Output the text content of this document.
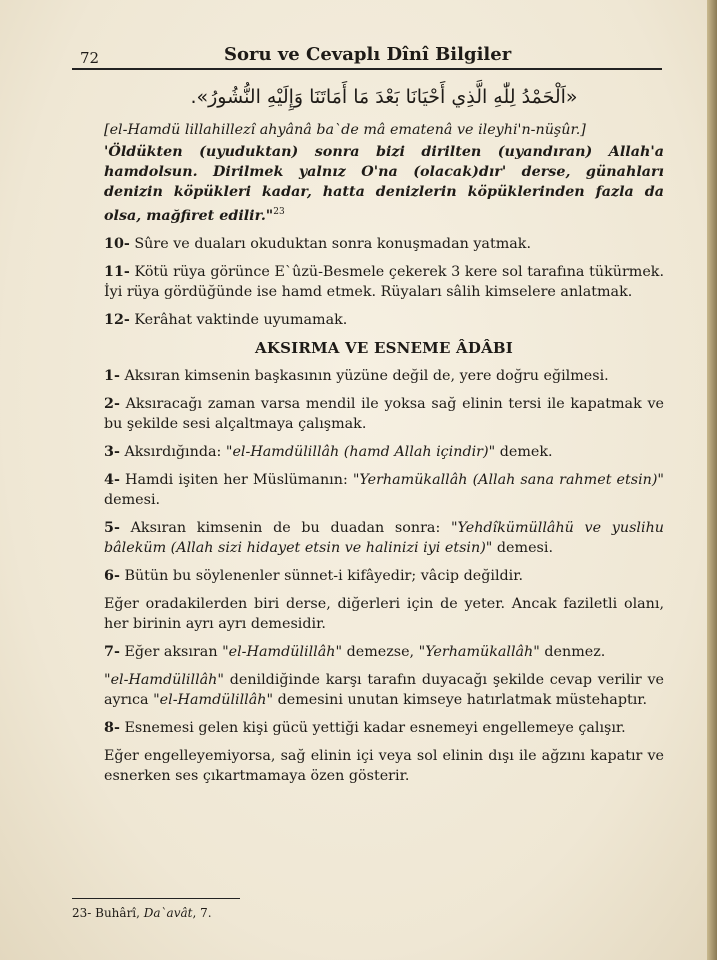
72	Soru ve Cevaplı Dînî Bilgiler
«اَلْحَمْدُ لِلّٰهِ الَّذِي أَحْيَانَا بَعْدَ مَا أَمَاتَنَا وَإِلَيْهِ النُّشُورُ».
[el-Hamdü lillahillezî ahyânâ ba`de mâ ematenâ ve ileyhi'n-nüşûr.]
'Öldükten (uyuduktan) sonra bizi dirilten (uyandıran) Allah'a hamdolsun. Dirilmek yalnız O'na (olacak)dır' derse, günahları denizin köpükleri kadar, hatta denizlerin köpüklerinden fazla da olsa, mağfiret edilir."$^{23}$

10- Sûre ve duaları okuduktan sonra konuşmadan yatmak.

11- Kötü rüya görünce E`ûzü-Besmele çekerek 3 kere sol tarafına tükürmek. İyi rüya gördüğünde ise hamd etmek. Rüyaları sâlih kimselere anlatmak.

12- Kerâhat vaktinde uyumamak.

AKSIRMA VE ESNEME ÂDÂBI

1- Aksıran kimsenin başkasının yüzüne değil de, yere doğru eğilmesi.

2- Aksıracağı zaman varsa mendil ile yoksa sağ elinin tersi ile kapatmak ve bu şekilde sesi alçaltmaya çalışmak.

3- Aksırdığında: "el-Hamdülillâh (hamd Allah içindir)" demek.

4- Hamdi işiten her Müslümanın: "Yerhamükallâh (Allah sana rahmet etsin)" demesi.

5- Aksıran kimsenin de bu duadan sonra: "Yehdîkümüllâhü ve yuslihu bâleküm (Allah sizi hidayet etsin ve halinizi iyi etsin)" demesi.

6- Bütün bu söylenenler sünnet-i kifâyedir; vâcip değildir.

Eğer oradakilerden biri derse, diğerleri için de yeter. Ancak faziletli olanı, her birinin ayrı ayrı demesidir.

7- Eğer aksıran "el-Hamdülillâh" demezse, "Yerhamükallâh" denmez.

"el-Hamdülillâh" denildiğinde karşı tarafın duyacağı şekilde cevap verilir ve ayrıca "el-Hamdülillâh" demesini unutan kimseye hatırlatmak müstehaptır.

8- Esnemesi gelen kişi gücü yettiği kadar esnemeyi engellemeye çalışır.

Eğer engelleyemiyorsa, sağ elinin içi veya sol elinin dışı ile ağzını kapatır ve esnerken ses çıkartmamaya özen gösterir.

23- Buhârî, Da`avât, 7.
